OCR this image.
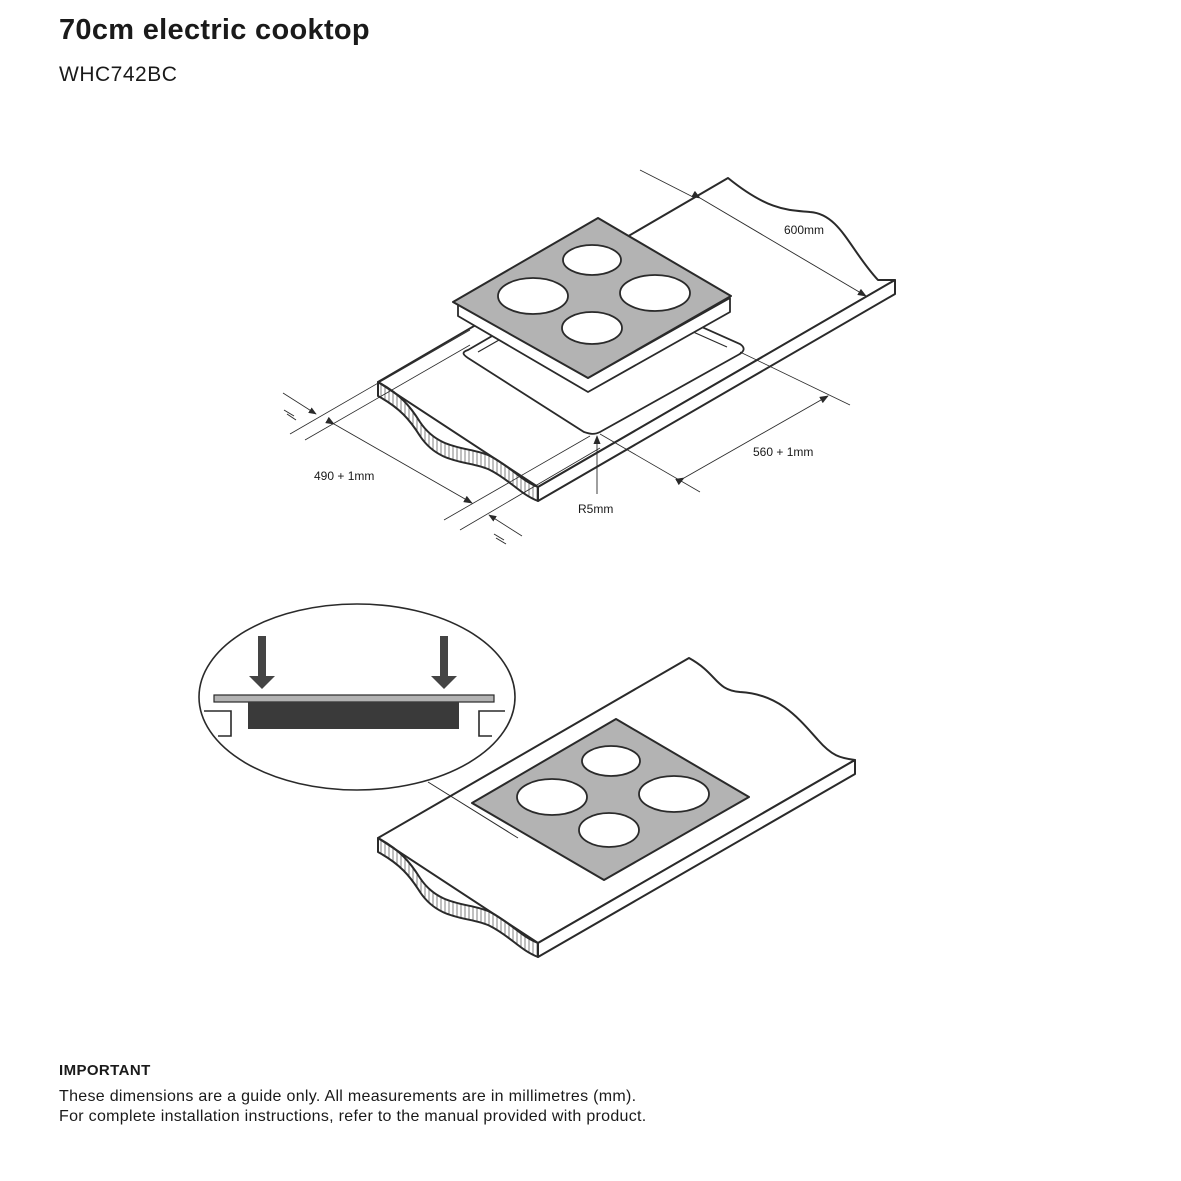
70cm electric cooktop

WHC742BC

600mm
560 + 1mm
490 + 1mm
R5mm

IMPORTANT

These dimensions are a guide only. All measurements are in millimetres (mm).

For complete installation instructions, refer to the manual provided with product.
